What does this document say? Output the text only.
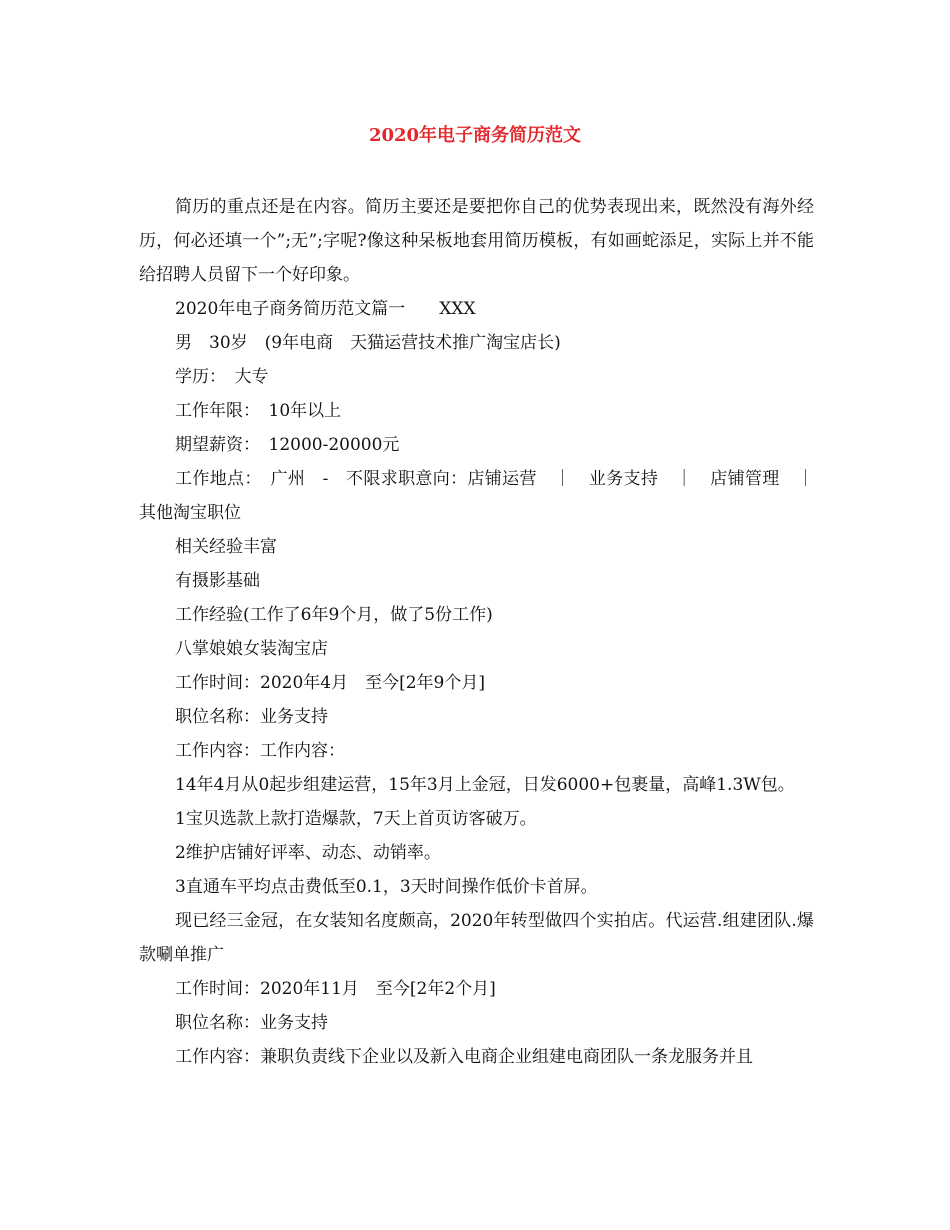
2020年电子商务简历范文

简历的重点还是在内容。简历主要还是要把你自己的优势表现出来，既然没有海外经历，何必还填一个”;无”;字呢?像这种呆板地套用简历模板，有如画蛇添足，实际上并不能给招聘人员留下一个好印象。

2020年电子商务简历范文篇一　　XXX

男　30岁　(9年电商　天猫运营技术推广淘宝店长)

学历：　大专

工作年限：　10年以上

期望薪资：　12000-20000元

工作地点：　广州　-　不限求职意向：店铺运营　｜　业务支持　｜　店铺管理　｜　其他淘宝职位

相关经验丰富

有摄影基础

工作经验(工作了6年9个月，做了5份工作)

八掌娘娘女装淘宝店

工作时间：2020年4月　至今[2年9个月]

职位名称：业务支持

工作内容：工作内容：

14年4月从0起步组建运营，15年3月上金冠，日发6000+包裹量，高峰1.3W包。

1宝贝选款上款打造爆款，7天上首页访客破万。

2维护店铺好评率、动态、动销率。

3直通车平均点击费低至0.1，3天时间操作低价卡首屏。

现已经三金冠，在女装知名度颇高，2020年转型做四个实拍店。代运营.组建团队.爆款唰单推广

工作时间：2020年11月　至今[2年2个月]

职位名称：业务支持

工作内容：兼职负责线下企业以及新入电商企业组建电商团队一条龙服务并且
